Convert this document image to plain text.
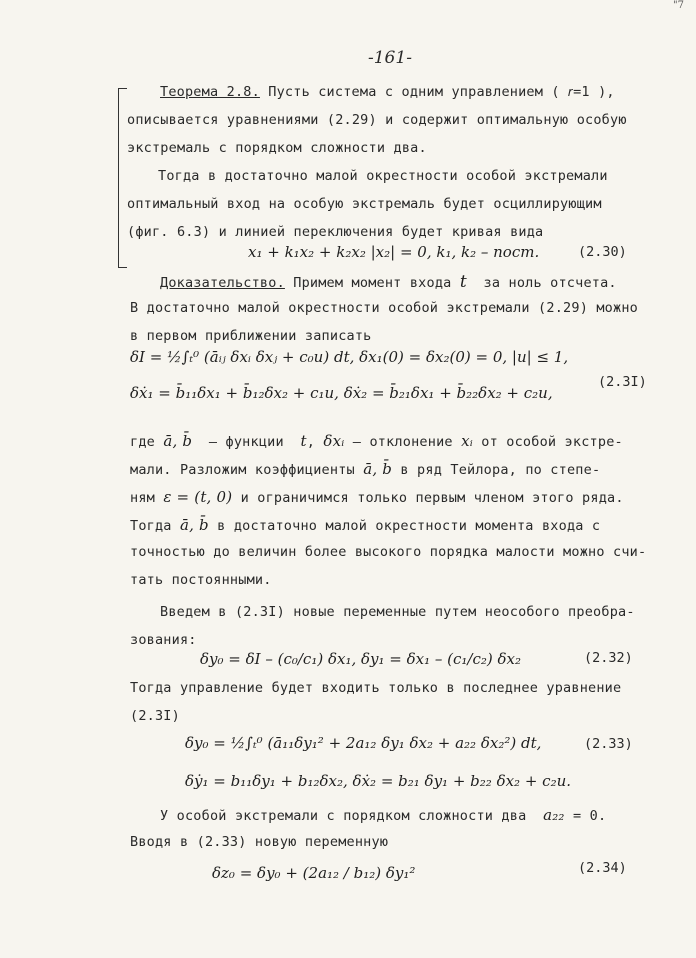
"7
-161-
Теорема 2.8. Пусть система с одним управлением ( 𝑟=1 ),
описывается уравнениями (2.29) и содержит оптимальную особую
экстремаль с порядком сложности два.
Тогда в достаточно малой окрестности особой экстремали
оптимальный вход на особую экстремаль будет осциллирующим
(фиг. 6.3) и линией переключения будет кривая вида
x₁ + k₁x₂ + k₂x₂ |x₂| = 0, k₁, k₂ – пост.	(2.30)
Доказательство. Примем момент входа t за ноль отсчета.
В достаточно малой окрестности особой экстремали (2.29) можно
в первом приближении записать
δI = ½∫ₜ⁰ (āᵢⱼ δxᵢ δxⱼ + c₀u) dt, δx₁(0) = δx₂(0) = 0, |u| ≤ 1,
δẋ₁ = b̄₁₁δx₁ + b̄₁₂δx₂ + c₁u, δẋ₂ = b̄₂₁δx₁ + b̄₂₂δx₂ + c₂u,
(2.3I)
где ā, b̄ – функции t, δxᵢ – отклонение xᵢ от особой экстре-
мали. Разложим коэффициенты ā, b̄ в ряд Тейлора, по степе-
ням ε = (t, 0) и ограничимся только первым членом этого ряда.
Тогда ā, b̄ в достаточно малой окрестности момента входа с
точностью до величин более высокого порядка малости можно счи-
тать постоянными.
Введем в (2.3I) новые переменные путем неособого преобра-
зования:
δy₀ = δI – (c₀/c₁) δx₁, δy₁ = δx₁ – (c₁/c₂) δx₂	(2.32)
Тогда управление будет входить только в последнее уравнение
(2.3I)
δy₀ = ½∫ₜ⁰ (ā₁₁δy₁² + 2a₁₂ δy₁ δx₂ + a₂₂ δx₂²) dt,	(2.33)
δẏ₁ = b₁₁δy₁ + b₁₂δx₂, δẋ₂ = b₂₁ δy₁ + b₂₂ δx₂ + c₂u.
У особой экстремали с порядком сложности два a₂₂ = 0.
Вводя в (2.33) новую переменную
δz₀ = δy₀ + (2a₁₂ / b₁₂) δy₁²	(2.34)
